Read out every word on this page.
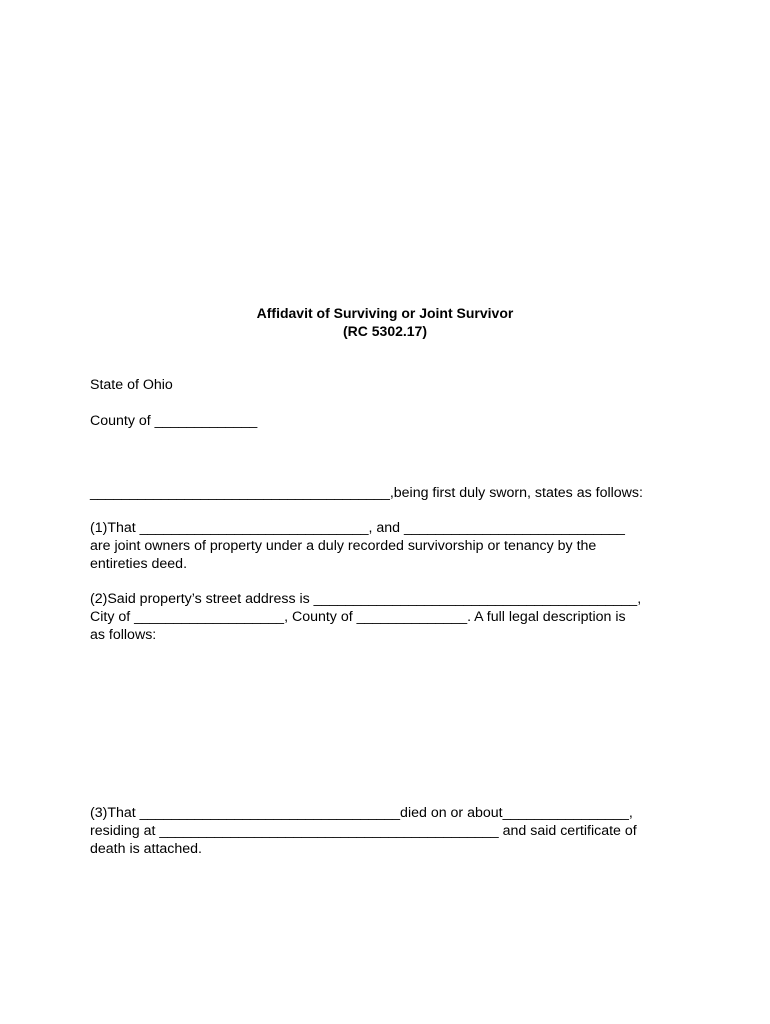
Affidavit of Surviving or Joint Survivor
(RC 5302.17)
State of Ohio
County of _____________
______________________________________,being first duly sworn, states as follows:
(1)That _____________________________, and ____________________________
are joint owners of property under a duly recorded survivorship or tenancy by the
entireties deed.
(2)Said property’s street address is _________________________________________,
City of ___________________, County of ______________. A full legal description is
as follows:
(3)That _________________________________died on or about________________,
residing at ___________________________________________ and said certificate of
death is attached.
